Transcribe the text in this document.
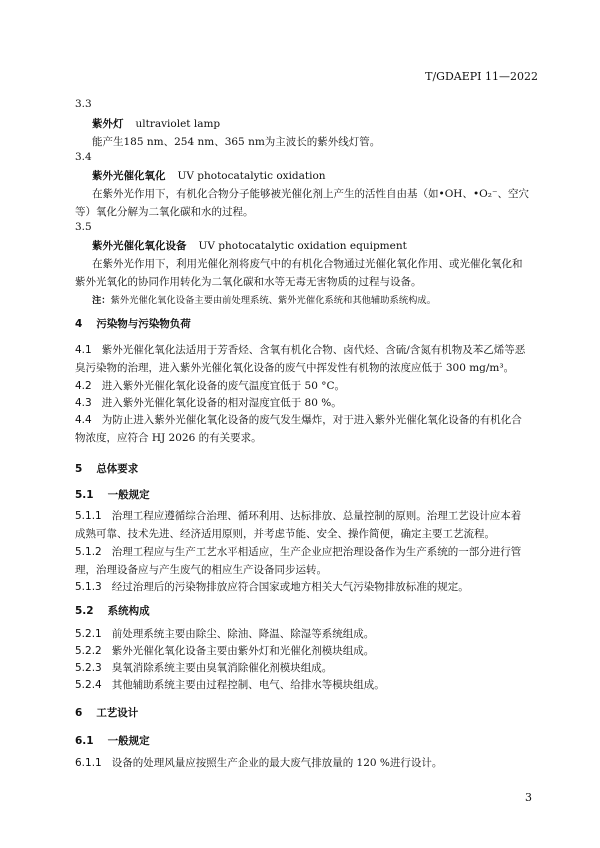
T/GDAEPI 11—2022
3.3
紫外灯 ultraviolet lamp
能产生185 nm、254 nm、365 nm为主波长的紫外线灯管。
3.4
紫外光催化氧化 UV photocatalytic oxidation
在紫外光作用下，有机化合物分子能够被光催化剂上产生的活性自由基（如•OH、•O₂⁻、空穴等）氧化分解为二氧化碳和水的过程。
3.5
紫外光催化氧化设备 UV photocatalytic oxidation equipment
在紫外光作用下，利用光催化剂将废气中的有机化合物通过光催化氧化作用、或光催化氧化和紫外光氧化的协同作用转化为二氧化碳和水等无毒无害物质的过程与设备。
注：紫外光催化氧化设备主要由前处理系统、紫外光催化系统和其他辅助系统构成。
4 污染物与污染物负荷
4.1 紫外光催化氧化法适用于芳香烃、含氧有机化合物、卤代烃、含硫/含氮有机物及苯乙烯等恶臭污染物的治理，进入紫外光催化氧化设备的废气中挥发性有机物的浓度应低于 300 mg/m³。
4.2 进入紫外光催化氧化设备的废气温度宜低于 50 °C。
4.3 进入紫外光催化氧化设备的相对湿度宜低于 80 %。
4.4 为防止进入紫外光催化氧化设备的废气发生爆炸，对于进入紫外光催化氧化设备的有机化合物浓度，应符合 HJ 2026 的有关要求。
5 总体要求
5.1 一般规定
5.1.1 治理工程应遵循综合治理、循环利用、达标排放、总量控制的原则。治理工艺设计应本着成熟可靠、技术先进、经济适用原则，并考虑节能、安全、操作简便，确定主要工艺流程。
5.1.2 治理工程应与生产工艺水平相适应，生产企业应把治理设备作为生产系统的一部分进行管理，治理设备应与产生废气的相应生产设备同步运转。
5.1.3 经过治理后的污染物排放应符合国家或地方相关大气污染物排放标准的规定。
5.2 系统构成
5.2.1 前处理系统主要由除尘、除油、降温、除湿等系统组成。
5.2.2 紫外光催化氧化设备主要由紫外灯和光催化剂模块组成。
5.2.3 臭氧消除系统主要由臭氧消除催化剂模块组成。
5.2.4 其他辅助系统主要由过程控制、电气、给排水等模块组成。
6 工艺设计
6.1 一般规定
6.1.1 设备的处理风量应按照生产企业的最大废气排放量的 120 %进行设计。
3
